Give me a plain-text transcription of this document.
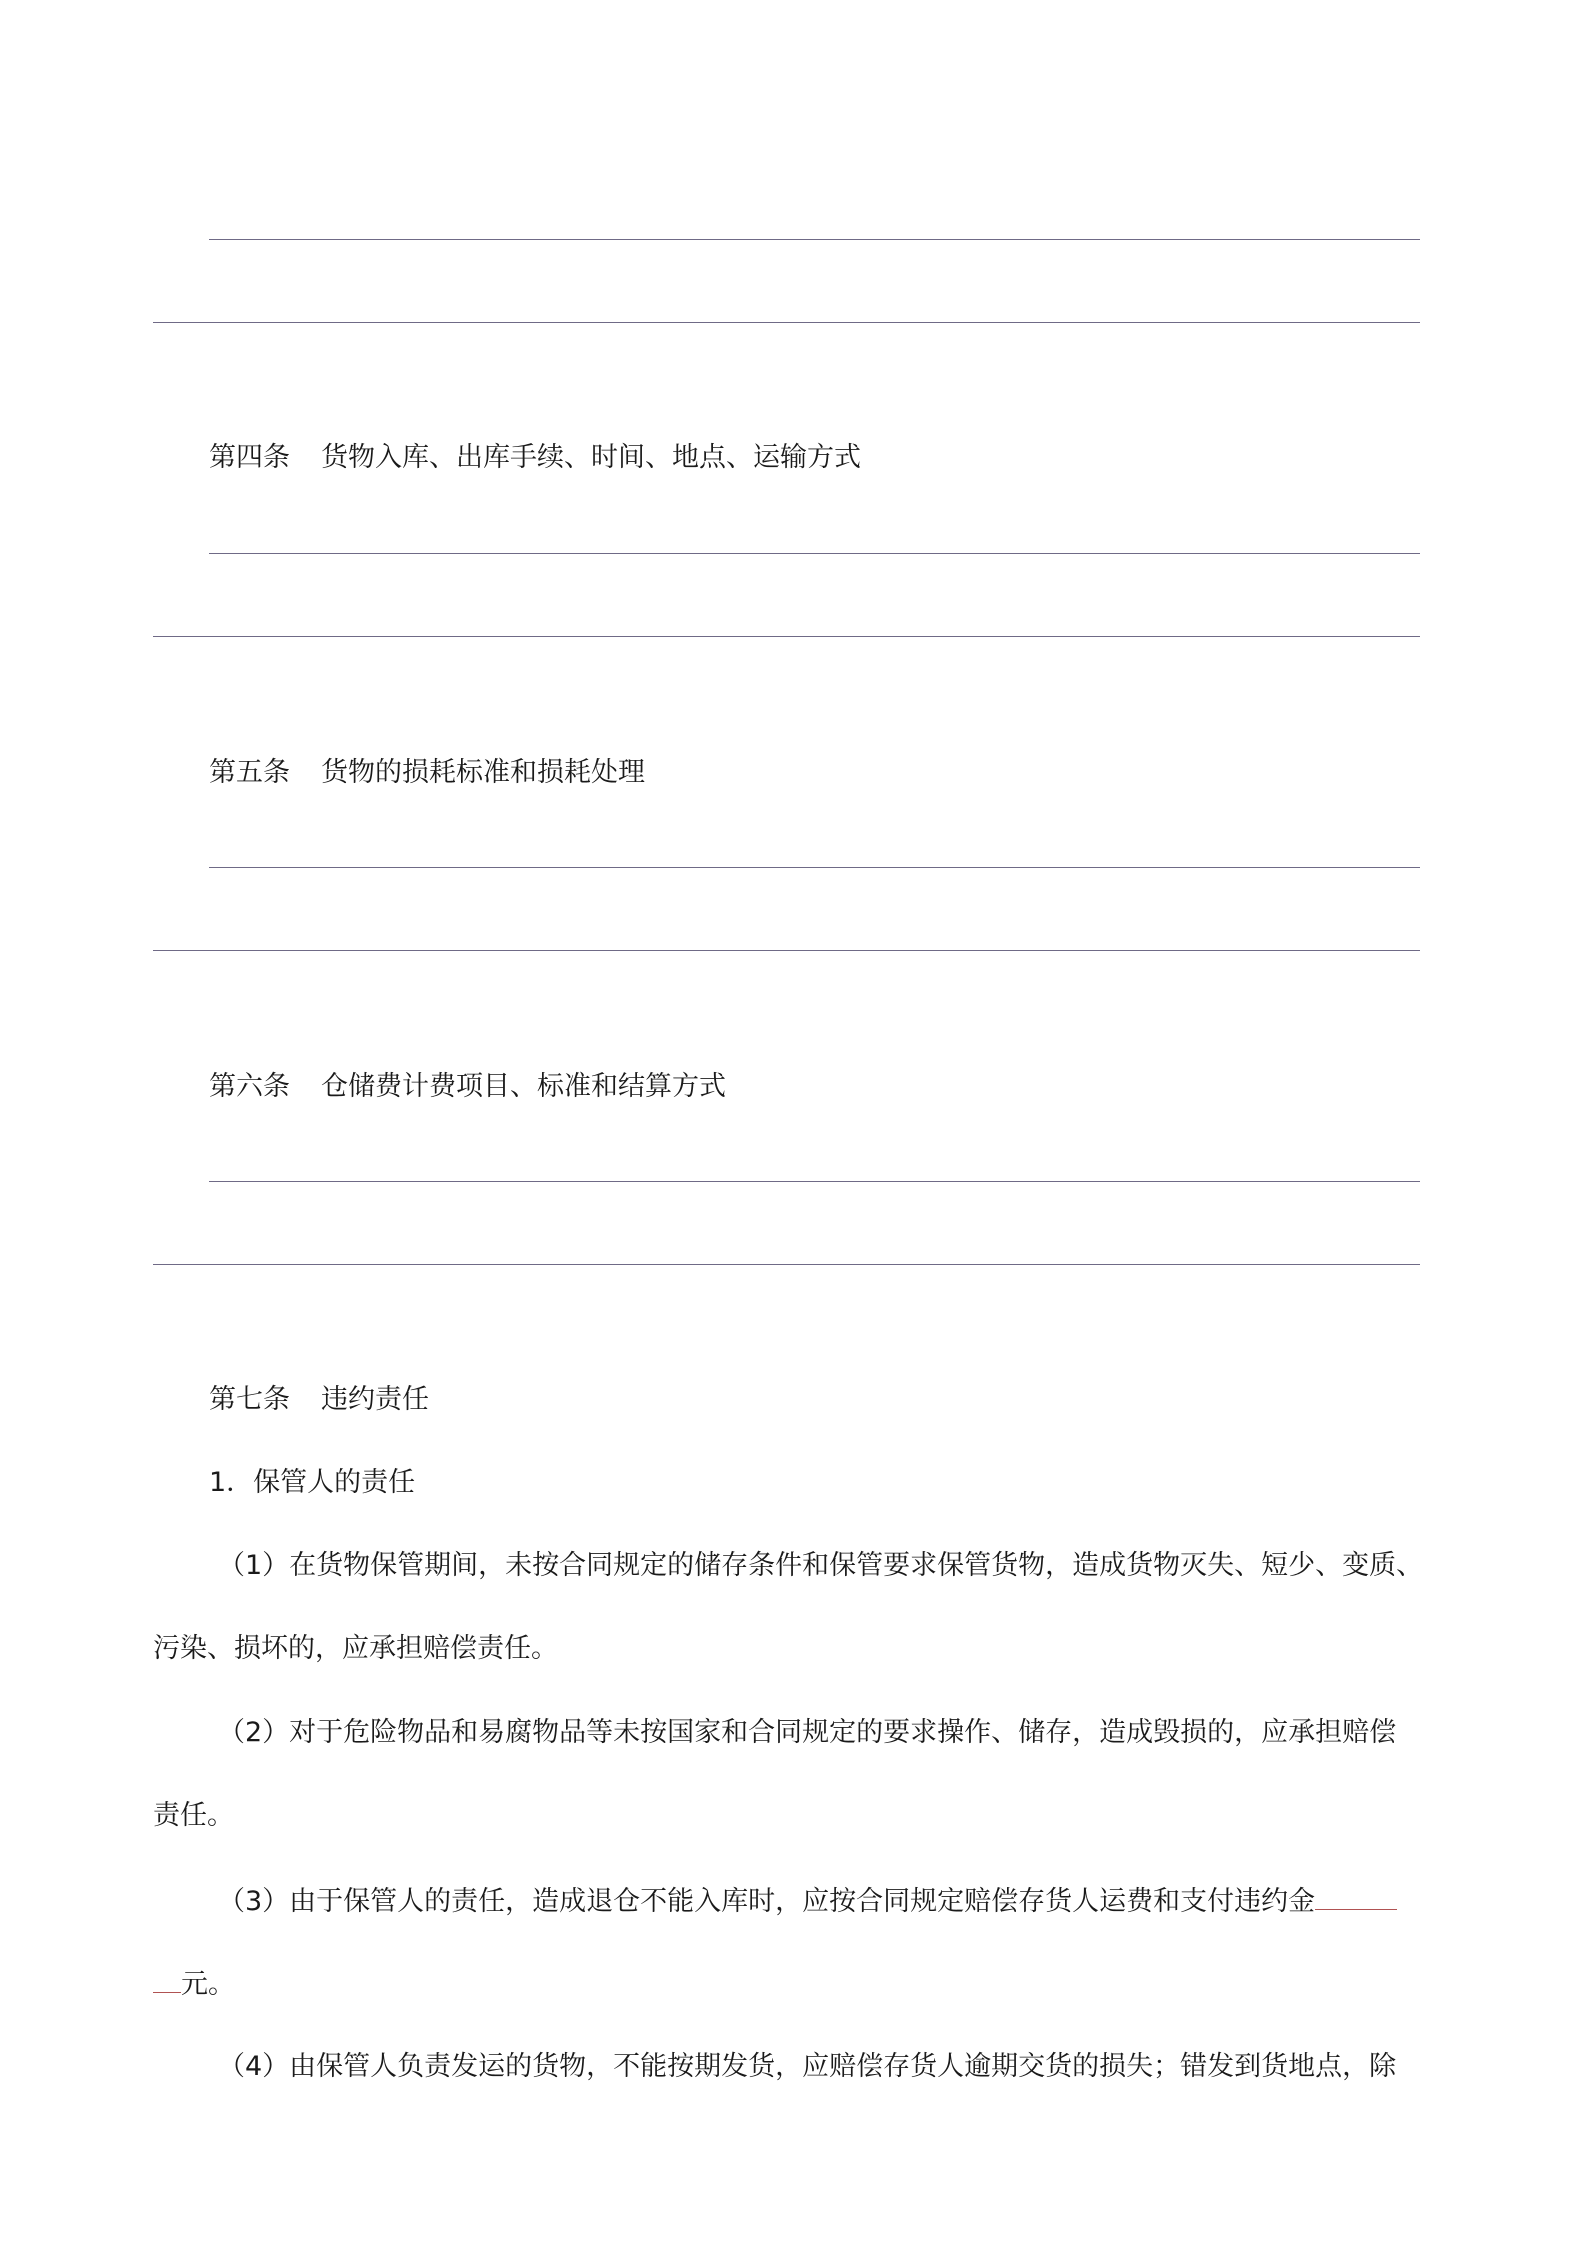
第四条 货物入库、出库手续、时间、地点、运输方式
第五条 货物的损耗标准和损耗处理
第六条 仓储费计费项目、标准和结算方式
第七条 违约责任
1．保管人的责任
（1）在货物保管期间，未按合同规定的储存条件和保管要求保管货物，造成货物灭失、短少、变质、
污染、损坏的，应承担赔偿责任。
（2）对于危险物品和易腐物品等未按国家和合同规定的要求操作、储存，造成毁损的，应承担赔偿
责任。
（3）由于保管人的责任，造成退仓不能入库时，应按合同规定赔偿存货人运费和支付违约金
元。
（4）由保管人负责发运的货物，不能按期发货，应赔偿存货人逾期交货的损失；错发到货地点，除
